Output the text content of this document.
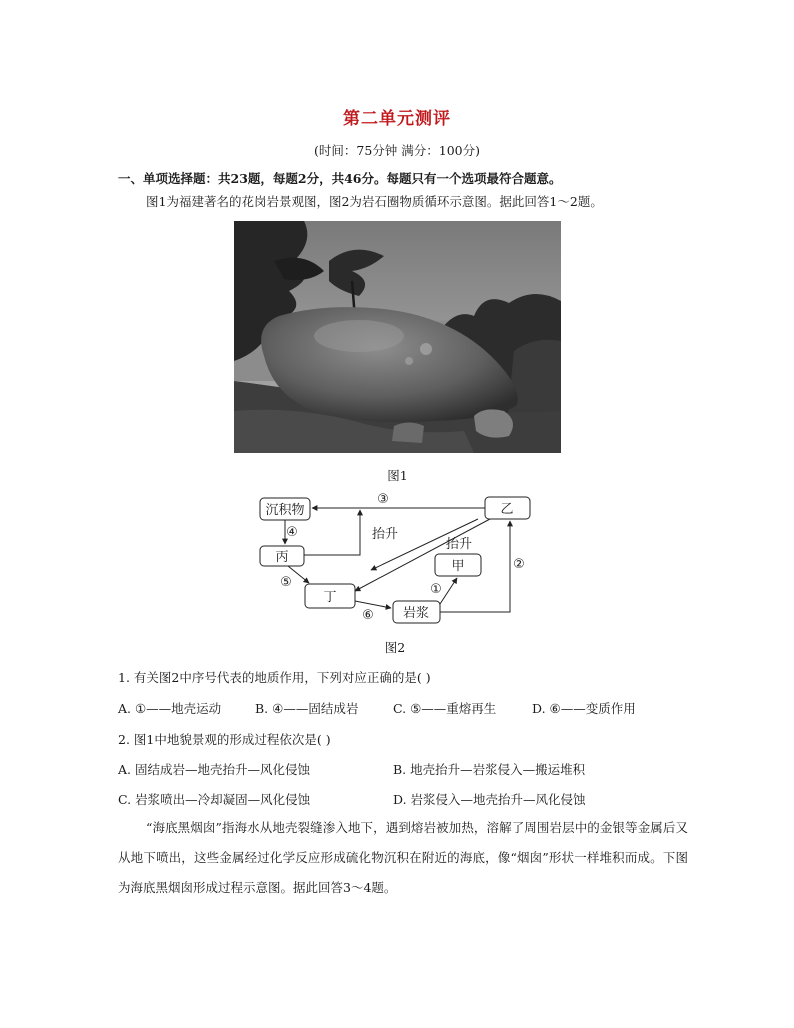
第二单元测评
(时间：75分钟 满分：100分)
一、单项选择题：共23题，每题2分，共46分。每题只有一个选项最符合题意。
图1为福建著名的花岗岩景观图，图2为岩石圈物质循环示意图。据此回答1～2题。
图1
沉积物	乙
丙
甲
丁
岩浆
③
④
⑤
⑥
①
②
抬升
抬升
图2
1. 有关图2中序号代表的地质作用，下列对应正确的是( )
A. ①——地壳运动	B. ④——固结成岩	C. ⑤——重熔再生	D. ⑥——变质作用
2. 图1中地貌景观的形成过程依次是( )
A. 固结成岩—地壳抬升—风化侵蚀	B. 地壳抬升—岩浆侵入—搬运堆积
C. 岩浆喷出—冷却凝固—风化侵蚀	D. 岩浆侵入—地壳抬升—风化侵蚀

“海底黑烟囱”指海水从地壳裂缝渗入地下，遇到熔岩被加热，溶解了周围岩层中的金银等金属后又从地下喷出，这些金属经过化学反应形成硫化物沉积在附近的海底，像“烟囱”形状一样堆积而成。下图为海底黑烟囱形成过程示意图。据此回答3～4题。
